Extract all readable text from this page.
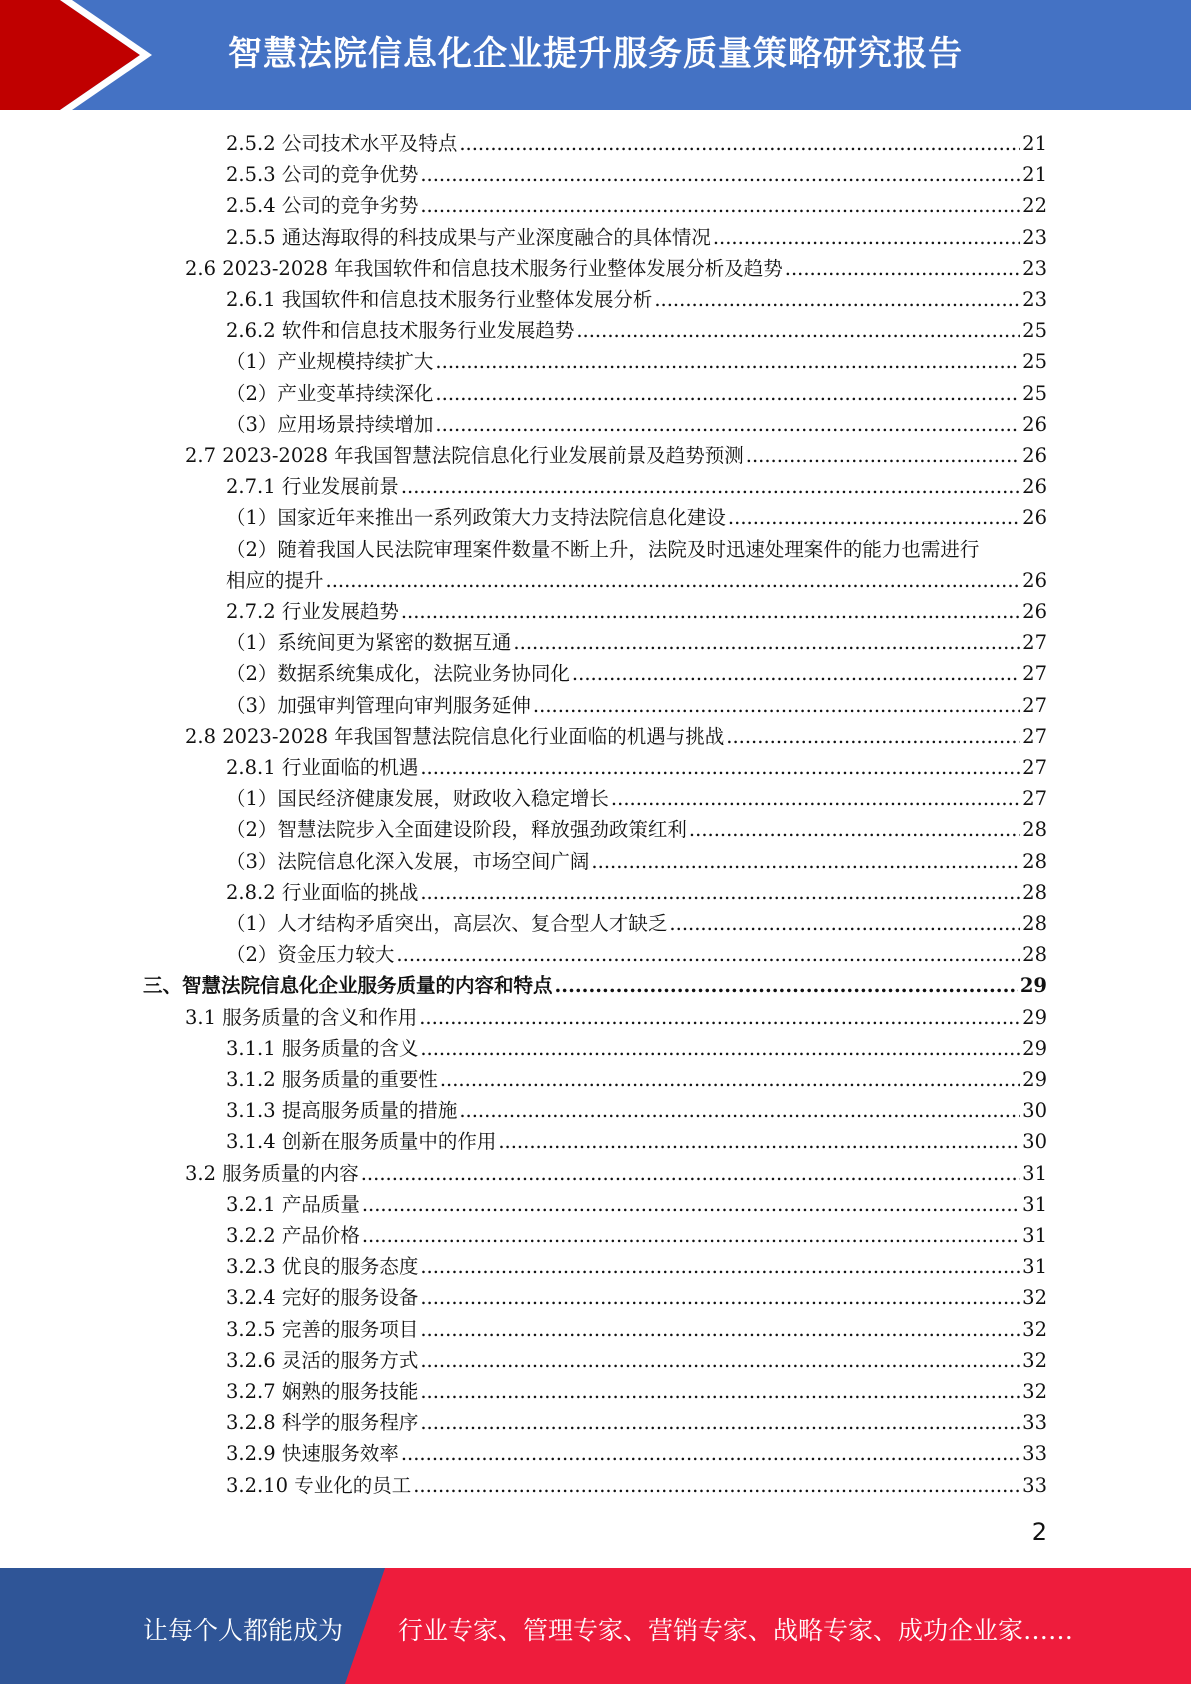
智慧法院信息化企业提升服务质量策略研究报告
2.5.2 公司技术水平及特点 .....	21
2.5.3 公司的竞争优势 .....	21
2.5.4 公司的竞争劣势 .....	22
2.5.5 通达海取得的科技成果与产业深度融合的具体情况 .....	23
2.6 2023-2028 年我国软件和信息技术服务行业整体发展分析及趋势 .....	23
2.6.1 我国软件和信息技术服务行业整体发展分析 .....	23
2.6.2 软件和信息技术服务行业发展趋势 .....	25
（1）产业规模持续扩大 .....	25
（2）产业变革持续深化 .....	25
（3）应用场景持续增加 .....	26
2.7 2023-2028 年我国智慧法院信息化行业发展前景及趋势预测 .....	26
2.7.1 行业发展前景 .....	26
（1）国家近年来推出一系列政策大力支持法院信息化建设 .....	26
（2）随着我国人民法院审理案件数量不断上升，法院及时迅速处理案件的能力也需进行
相应的提升 .....	26
2.7.2 行业发展趋势 .....	26
（1）系统间更为紧密的数据互通 .....	27
（2）数据系统集成化，法院业务协同化 .....	27
（3）加强审判管理向审判服务延伸 .....	27
2.8 2023-2028 年我国智慧法院信息化行业面临的机遇与挑战 .....	27
2.8.1 行业面临的机遇 .....	27
（1）国民经济健康发展，财政收入稳定增长 .....	27
（2）智慧法院步入全面建设阶段，释放强劲政策红利 .....	28
（3）法院信息化深入发展，市场空间广阔 .....	28
2.8.2 行业面临的挑战 .....	28
（1）人才结构矛盾突出，高层次、复合型人才缺乏 .....	28
（2）资金压力较大 .....	28
三、智慧法院信息化企业服务质量的内容和特点 .....	29
3.1 服务质量的含义和作用 .....	29
3.1.1 服务质量的含义 .....	29
3.1.2 服务质量的重要性 .....	29
3.1.3 提高服务质量的措施 .....	30
3.1.4 创新在服务质量中的作用 .....	30
3.2 服务质量的内容 .....	31
3.2.1 产品质量 .....	31
3.2.2 产品价格 .....	31
3.2.3 优良的服务态度 .....	31
3.2.4 完好的服务设备 .....	32
3.2.5 完善的服务项目 .....	32
3.2.6 灵活的服务方式 .....	32
3.2.7 娴熟的服务技能 .....	32
3.2.8 科学的服务程序 .....	33
3.2.9 快速服务效率 .....	33
3.2.10 专业化的员工 .....	33
2
让每个人都能成为 行业专家、管理专家、营销专家、战略专家、成功企业家……
